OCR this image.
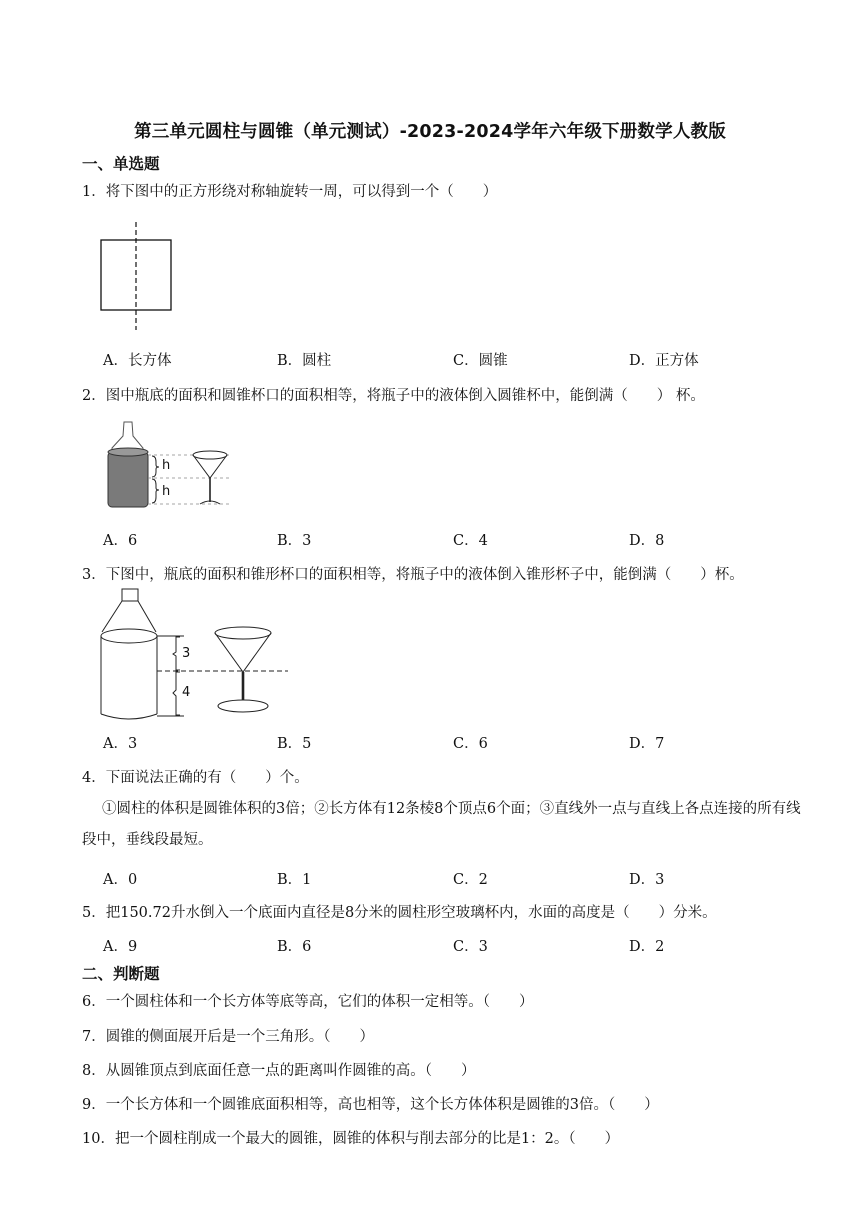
第三单元圆柱与圆锥（单元测试）-2023-2024学年六年级下册数学人教版
一、单选题
1．将下图中的正方形绕对称轴旋转一周，可以得到一个（　　）
A．长方体	B．圆柱	C．圆锥	D．正方体
2．图中瓶底的面积和圆锥杯口的面积相等，将瓶子中的液体倒入圆锥杯中，能倒满（　　） 杯。
h
h
A．6	B．3	C．4	D．8
3．下图中，瓶底的面积和锥形杯口的面积相等，将瓶子中的液体倒入锥形杯子中，能倒满（　　）杯。
3
4
A．3	B．5	C．6	D．7
4．下面说法正确的有（　　）个。
①圆柱的体积是圆锥体积的3倍；②长方体有12条棱8个顶点6个面；③直线外一点与直线上各点连接的所有线段中，垂线段最短。
A．0	B．1	C．2	D．3
5．把150.72升水倒入一个底面内直径是8分米的圆柱形空玻璃杯内，水面的高度是（　　）分米。
A．9	B．6	C．3	D．2
二、判断题
6．一个圆柱体和一个长方体等底等高，它们的体积一定相等。（　　）
7．圆锥的侧面展开后是一个三角形。（　　）
8．从圆锥顶点到底面任意一点的距离叫作圆锥的高。（　　）
9．一个长方体和一个圆锥底面积相等，高也相等，这个长方体体积是圆锥的3倍。（　　）
10．把一个圆柱削成一个最大的圆锥，圆锥的体积与削去部分的比是1：2。（　　）
